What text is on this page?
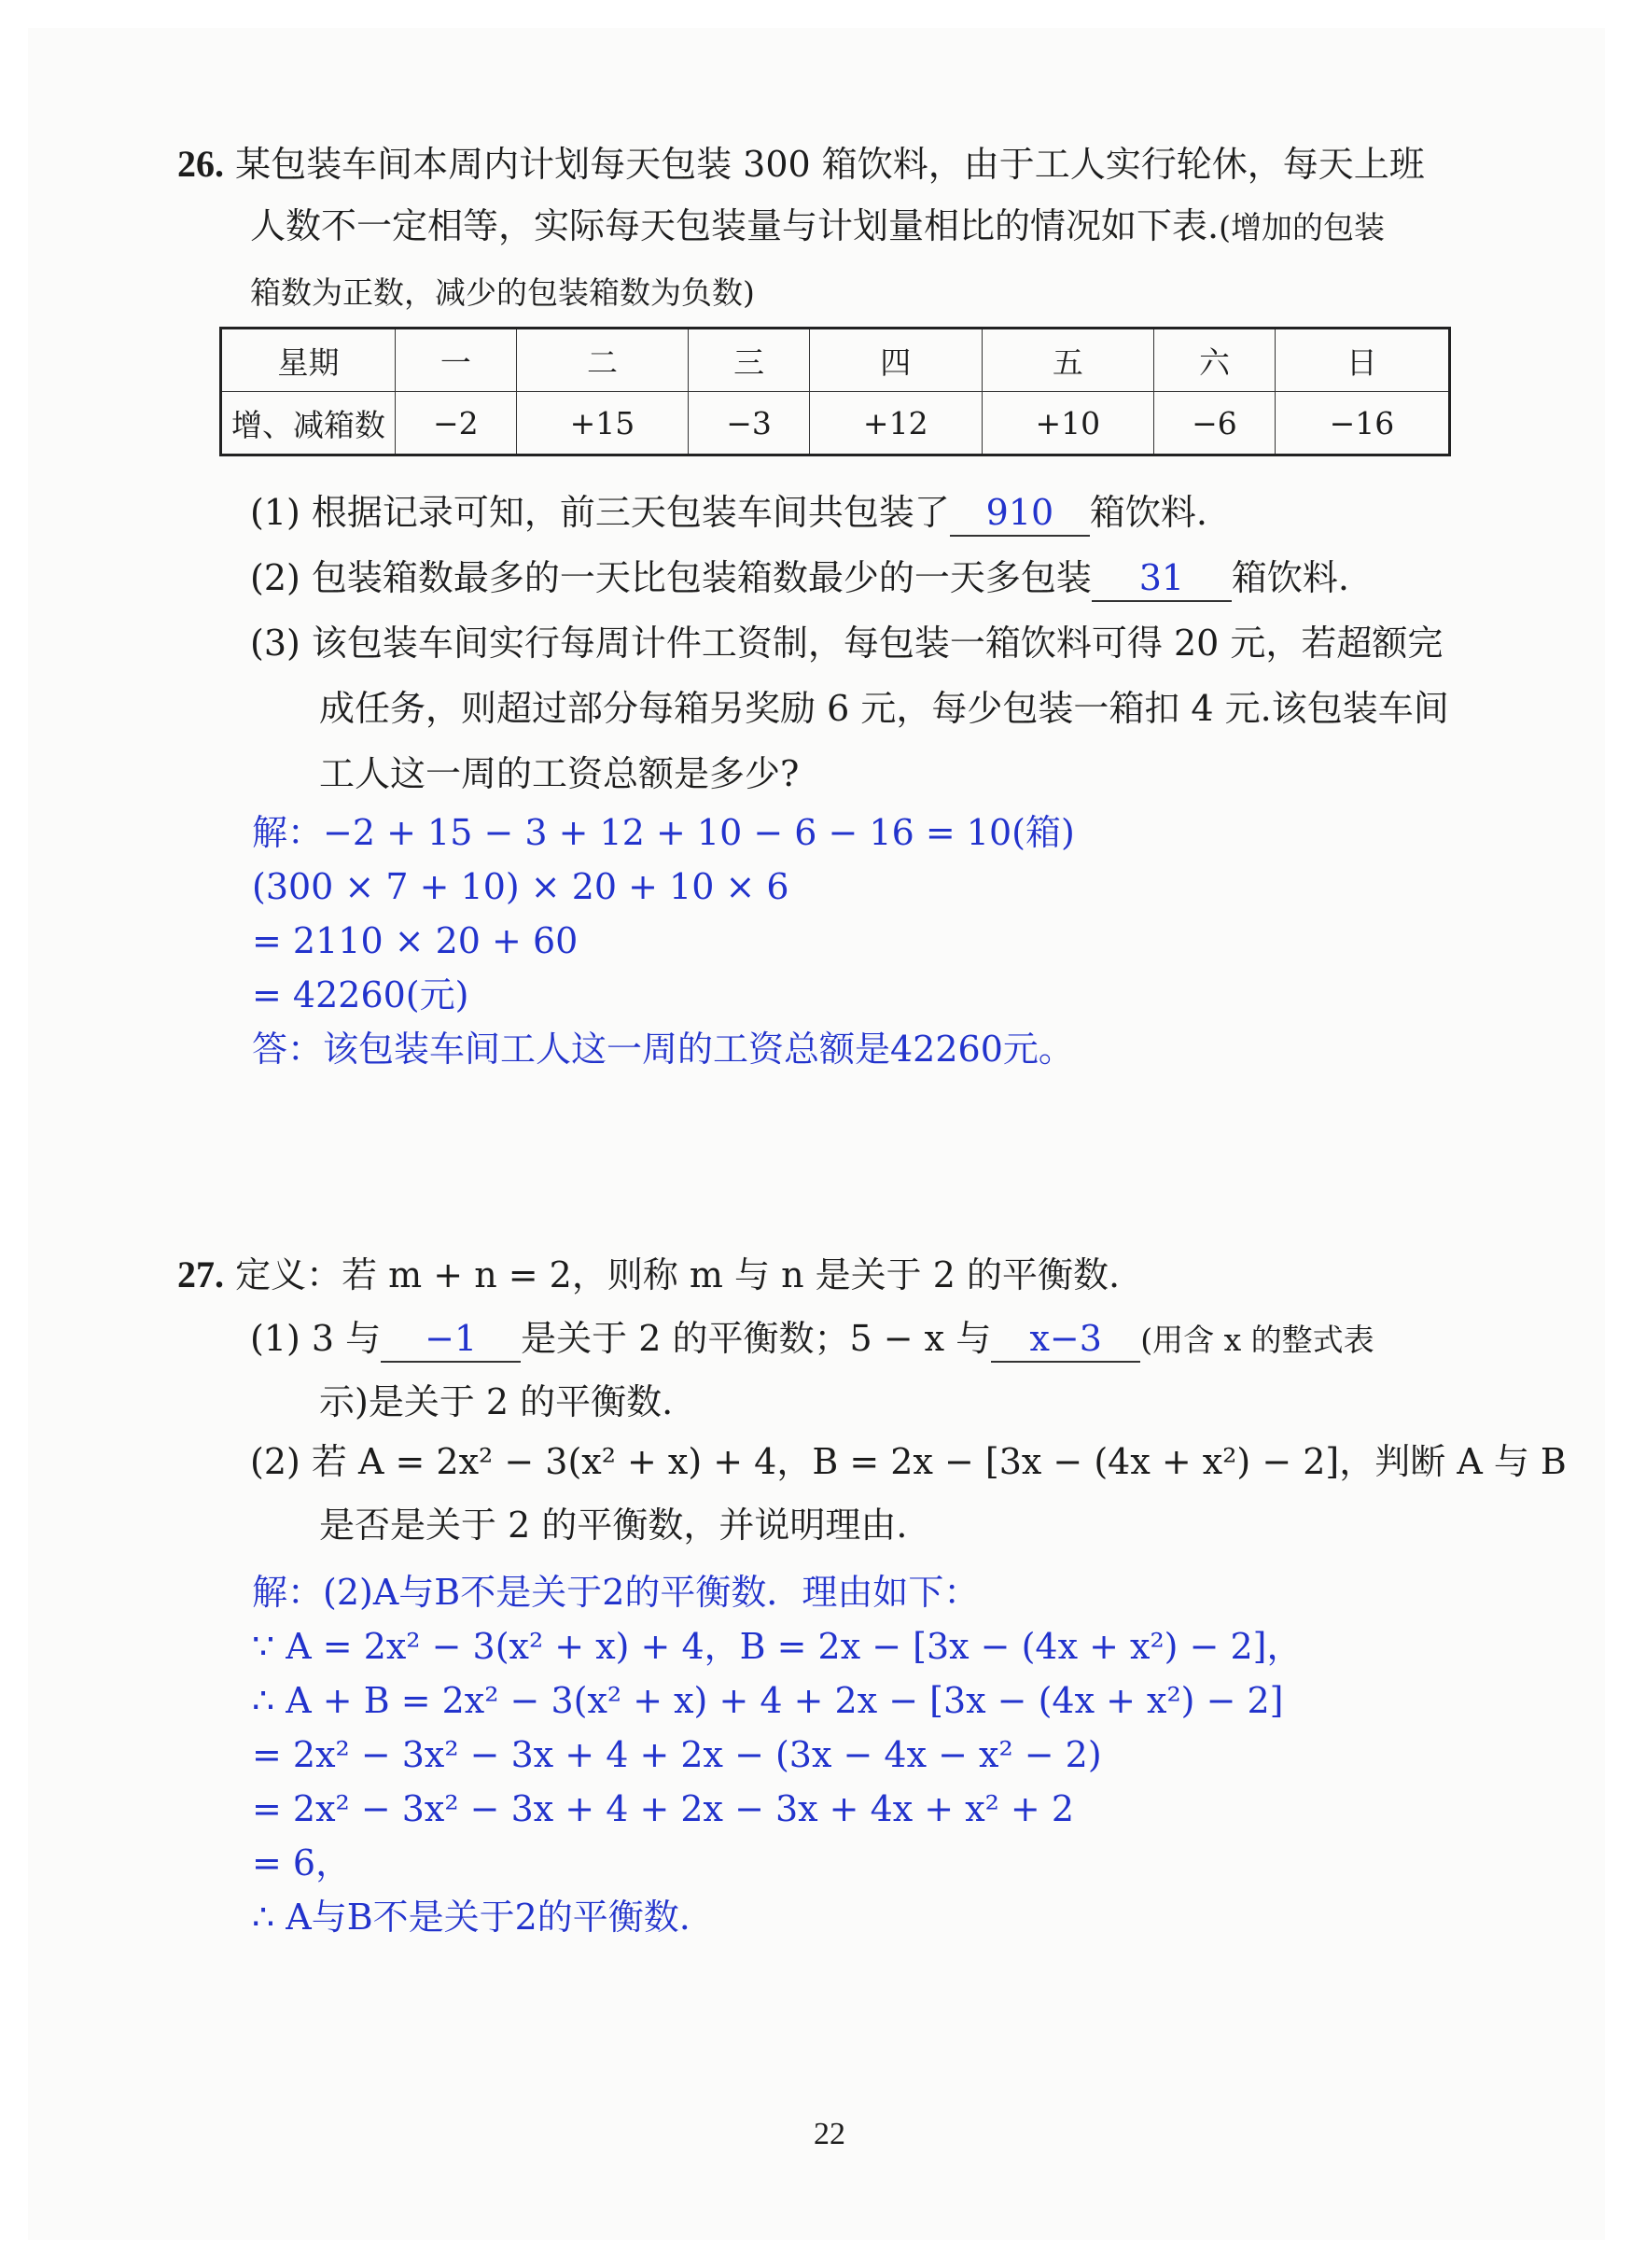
26. 某包装车间本周内计划每天包装 300 箱饮料，由于工人实行轮休，每天上班
人数不一定相等，实际每天包装量与计划量相比的情况如下表.(增加的包装
箱数为正数，减少的包装箱数为负数)
星期	一	二	三	四	五	六	日
增、减箱数	−2	+15	−3	+12	+10	−6	−16
(1) 根据记录可知，前三天包装车间共包装了 910 箱饮料.
(2) 包装箱数最多的一天比包装箱数最少的一天多包装 31 箱饮料.
(3) 该包装车间实行每周计件工资制，每包装一箱饮料可得 20 元，若超额完
成任务，则超过部分每箱另奖励 6 元，每少包装一箱扣 4 元.该包装车间
工人这一周的工资总额是多少?
解：−2 + 15 − 3 + 12 + 10 − 6 − 16 = 10(箱)
(300 × 7 + 10) × 20 + 10 × 6
= 2110 × 20 + 60
= 42260(元)
答：该包装车间工人这一周的工资总额是42260元。
27. 定义：若 m + n = 2，则称 m 与 n 是关于 2 的平衡数.
(1) 3 与 −1 是关于 2 的平衡数；5 − x 与 x−3 (用含 x 的整式表
示)是关于 2 的平衡数.
(2) 若 A = 2x² − 3(x² + x) + 4，B = 2x − [3x − (4x + x²) − 2]，判断 A 与 B
是否是关于 2 的平衡数，并说明理由.
解：(2)A与B不是关于2的平衡数．理由如下：
∵ A = 2x² − 3(x² + x) + 4，B = 2x − [3x − (4x + x²) − 2]，
∴ A + B = 2x² − 3(x² + x) + 4 + 2x − [3x − (4x + x²) − 2]
= 2x² − 3x² − 3x + 4 + 2x − (3x − 4x − x² − 2)
= 2x² − 3x² − 3x + 4 + 2x − 3x + 4x + x² + 2
= 6，
∴ A与B不是关于2的平衡数.
22
